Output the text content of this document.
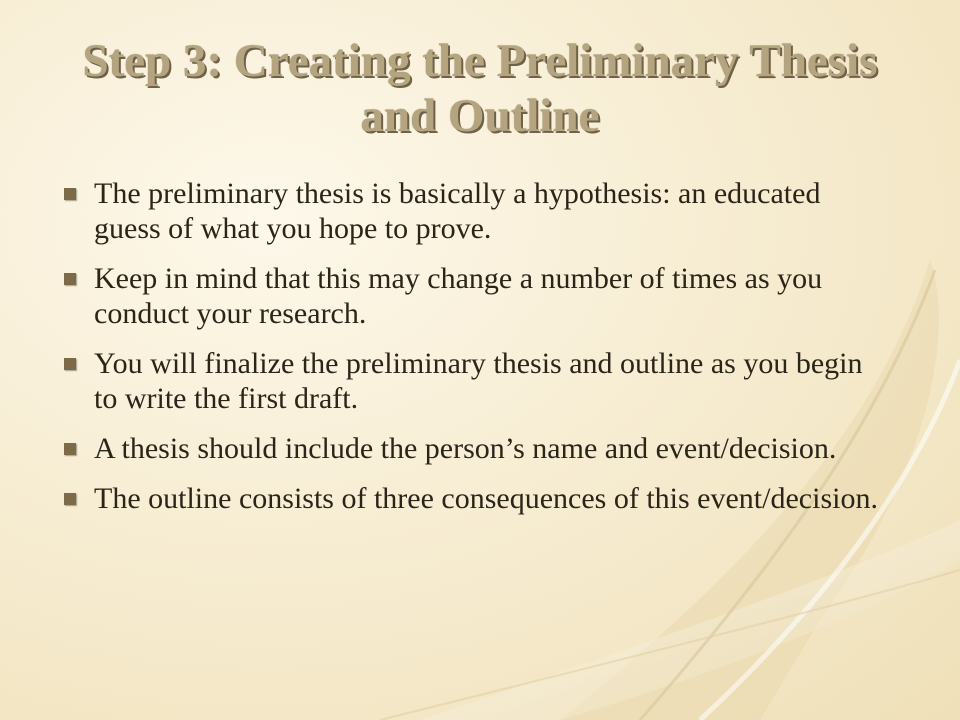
Step 3: Creating the Preliminary Thesis and Outline
The preliminary thesis is basically a hypothesis: an educated guess of what you hope to prove.
Keep in mind that this may change a number of times as you conduct your research.
You will finalize the preliminary thesis and outline as you begin to write the first draft.
A thesis should include the person’s name and event/decision.
The outline consists of three consequences of this event/decision.
